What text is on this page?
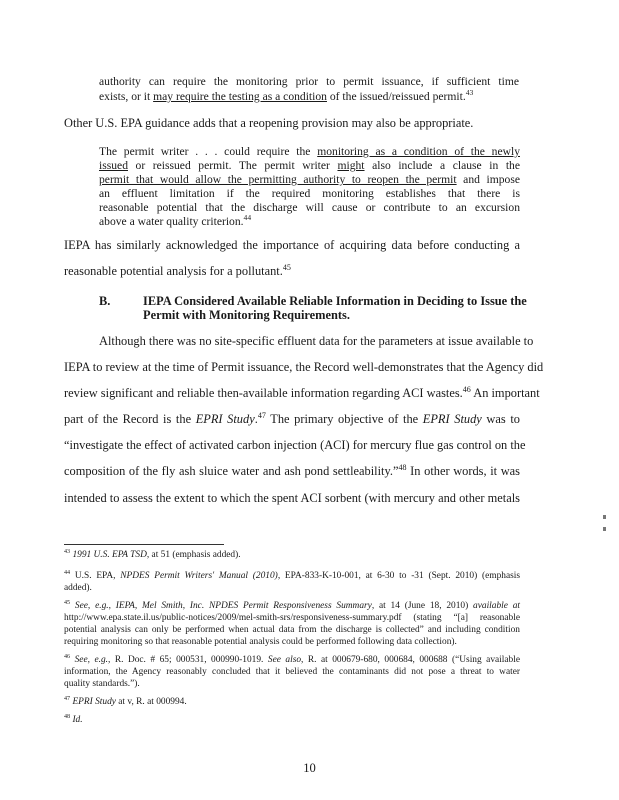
authority can require the monitoring prior to permit issuance, if sufficient time
exists, or it may require the testing as a condition of the issued/reissued permit.$^{43}$
Other U.S. EPA guidance adds that a reopening provision may also be appropriate.
The permit writer . . . could require the monitoring as a condition of the newly
issued or reissued permit. The permit writer might also include a clause in the
permit that would allow the permitting authority to reopen the permit and impose
an effluent limitation if the required monitoring establishes that there is
reasonable potential that the discharge will cause or contribute to an excursion
above a water quality criterion.$^{44}$
IEPA has similarly acknowledged the importance of acquiring data before conducting a
reasonable potential analysis for a pollutant.$^{45}$
B.	IEPA Considered Available Reliable Information in Deciding to Issue the
Permit with Monitoring Requirements.
Although there was no site-specific effluent data for the parameters at issue available to
IEPA to review at the time of Permit issuance, the Record well-demonstrates that the Agency did
review significant and reliable then-available information regarding ACI wastes.$^{46}$ An important
part of the Record is the EPRI Study.$^{47}$ The primary objective of the EPRI Study was to
“investigate the effect of activated carbon injection (ACI) for mercury flue gas control on the
composition of the fly ash sluice water and ash pond settleability.”$^{48}$ In other words, it was
intended to assess the extent to which the spent ACI sorbent (with mercury and other metals
$^{43}$ 1991 U.S. EPA TSD, at 51 (emphasis added).
$^{44}$ U.S. EPA, NPDES Permit Writers' Manual (2010), EPA-833-K-10-001, at 6-30 to -31 (Sept. 2010) (emphasis
added).
$^{45}$ See, e.g., IEPA, Mel Smith, Inc. NPDES Permit Responsiveness Summary, at 14 (June 18, 2010) available at
http://www.epa.state.il.us/public-notices/2009/mel-smith-srs/responsiveness-summary.pdf (stating “[a] reasonable
potential analysis can only be performed when actual data from the discharge is collected” and including condition
requiring monitoring so that reasonable potential analysis could be performed following data collection).
$^{46}$ See, e.g., R. Doc. # 65; 000531, 000990-1019. See also, R. at 000679-680, 000684, 000688 (“Using available
information, the Agency reasonably concluded that it believed the contaminants did not pose a threat to water
quality standards.”).
$^{47}$ EPRI Study at v, R. at 000994.
$^{48}$ Id.
10
